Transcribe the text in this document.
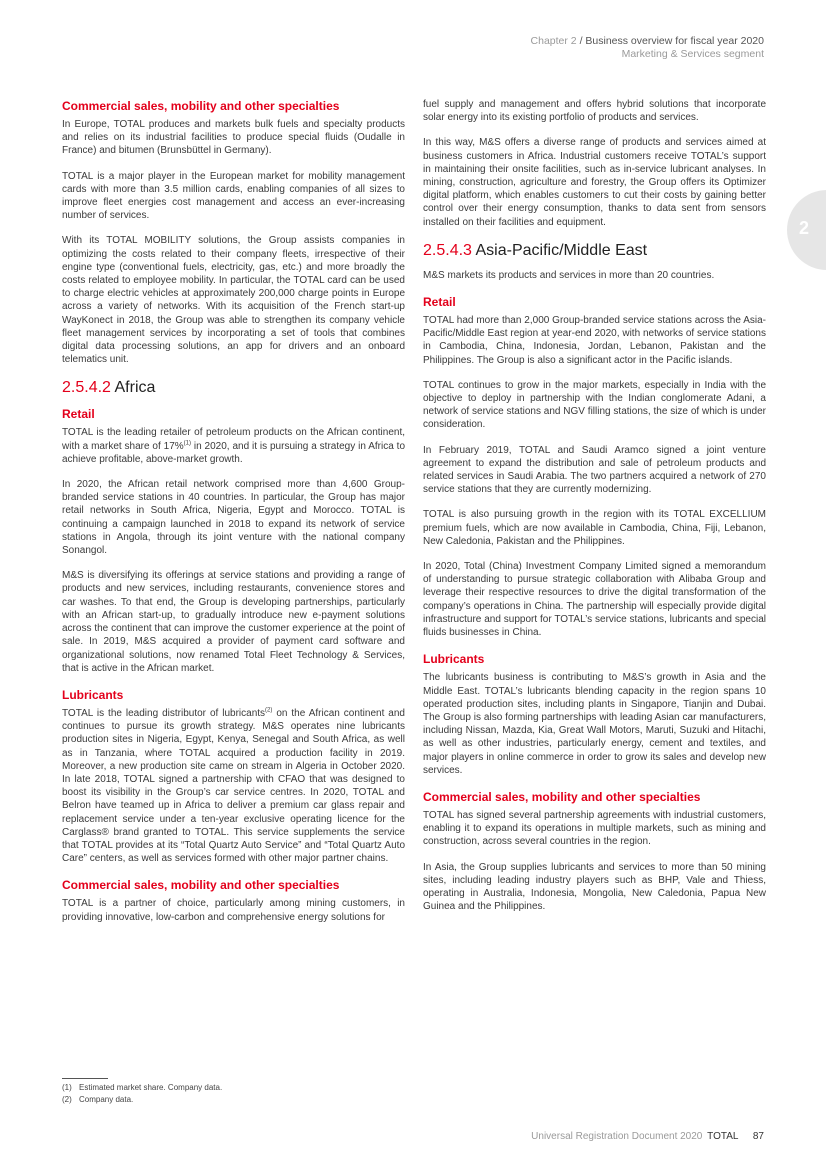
Chapter 2 / Business overview for fiscal year 2020
Marketing & Services segment
2
Commercial sales, mobility and other specialties

In Europe, TOTAL produces and markets bulk fuels and specialty products and relies on its industrial facilities to produce special fluids (Oudalle in France) and bitumen (Brunsbüttel in Germany).

TOTAL is a major player in the European market for mobility management cards with more than 3.5 million cards, enabling companies of all sizes to improve fleet energies cost management and access an ever-increasing number of services.

With its TOTAL MOBILITY solutions, the Group assists companies in optimizing the costs related to their company fleets, irrespective of their engine type (conventional fuels, electricity, gas, etc.) and more broadly the costs related to employee mobility. In particular, the TOTAL card can be used to charge electric vehicles at approximately 200,000 charge points in Europe across a variety of networks. With its acquisition of the French start-up WayKonect in 2018, the Group was able to strengthen its company vehicle fleet management services by incorporating a set of tools that combines digital data processing solutions, an app for drivers and an onboard telematics unit.

2.5.4.2 Africa
Retail

TOTAL is the leading retailer of petroleum products on the African continent, with a market share of 17%$^{(1)}$ in 2020, and it is pursuing a strategy in Africa to achieve profitable, above-market growth.

In 2020, the African retail network comprised more than 4,600 Group-branded service stations in 40 countries. In particular, the Group has major retail networks in South Africa, Nigeria, Egypt and Morocco. TOTAL is continuing a campaign launched in 2018 to expand its network of service stations in Angola, through its joint venture with the national company Sonangol.

M&S is diversifying its offerings at service stations and providing a range of products and new services, including restaurants, convenience stores and car washes. To that end, the Group is developing partnerships, particularly with an African start-up, to gradually introduce new e-payment solutions across the continent that can improve the customer experience at the point of sale. In 2019, M&S acquired a provider of payment card software and organizational solutions, now renamed Total Fleet Technology & Services, that is active in the African market.

Lubricants

TOTAL is the leading distributor of lubricants$^{(2)}$ on the African continent and continues to pursue its growth strategy. M&S operates nine lubricants production sites in Nigeria, Egypt, Kenya, Senegal and South Africa, as well as in Tanzania, where TOTAL acquired a production facility in 2019. Moreover, a new production site came on stream in Algeria in October 2020. In late 2018, TOTAL signed a partnership with CFAO that was designed to boost its visibility in the Group’s car service centres. In 2020, TOTAL and Belron have teamed up in Africa to deliver a premium car glass repair and replacement service under a ten-year exclusive operating licence for the Carglass® brand granted to TOTAL. This service supplements the service that TOTAL provides at its “Total Quartz Auto Service” and “Total Quartz Auto Care” centers, as well as services formed with other major partner chains.

Commercial sales, mobility and other specialties

TOTAL is a partner of choice, particularly among mining customers, in providing innovative, low-carbon and comprehensive energy solutions for

fuel supply and management and offers hybrid solutions that incorporate solar energy into its existing portfolio of products and services.

In this way, M&S offers a diverse range of products and services aimed at business customers in Africa. Industrial customers receive TOTAL’s support in maintaining their onsite facilities, such as in-service lubricant analyses. In mining, construction, agriculture and forestry, the Group offers its Optimizer digital platform, which enables customers to cut their costs by gaining better control over their energy consumption, thanks to data sent from sensors installed on their facilities and equipment.

2.5.4.3 Asia-Pacific/Middle East

M&S markets its products and services in more than 20 countries.

Retail

TOTAL had more than 2,000 Group-branded service stations across the Asia-Pacific/Middle East region at year-end 2020, with networks of service stations in Cambodia, China, Indonesia, Jordan, Lebanon, Pakistan and the Philippines. The Group is also a significant actor in the Pacific islands.

TOTAL continues to grow in the major markets, especially in India with the objective to deploy in partnership with the Indian conglomerate Adani, a network of service stations and NGV filling stations, the size of which is under consideration.

In February 2019, TOTAL and Saudi Aramco signed a joint venture agreement to expand the distribution and sale of petroleum products and related services in Saudi Arabia. The two partners acquired a network of 270 service stations that they are currently modernizing.

TOTAL is also pursuing growth in the region with its TOTAL EXCELLIUM premium fuels, which are now available in Cambodia, China, Fiji, Lebanon, New Caledonia, Pakistan and the Philippines.

In 2020, Total (China) Investment Company Limited signed a memorandum of understanding to pursue strategic collaboration with Alibaba Group and leverage their respective resources to drive the digital transformation of the company’s operations in China. The partnership will especially provide digital infrastructure and support for TOTAL’s service stations, lubricants and special fluids businesses in China.

Lubricants

The lubricants business is contributing to M&S’s growth in Asia and the Middle East. TOTAL’s lubricants blending capacity in the region spans 10 operated production sites, including plants in Singapore, Tianjin and Dubai. The Group is also forming partnerships with leading Asian car manufacturers, including Nissan, Mazda, Kia, Great Wall Motors, Maruti, Suzuki and Hitachi, as well as other industries, particularly energy, cement and textiles, and major players in online commerce in order to grow its sales and develop new services.

Commercial sales, mobility and other specialties

TOTAL has signed several partnership agreements with industrial customers, enabling it to expand its operations in multiple markets, such as mining and construction, across several countries in the region.

In Asia, the Group supplies lubricants and services to more than 50 mining sites, including leading industry players such as BHP, Vale and Thiess, operating in Australia, Indonesia, Mongolia, New Caledonia, Papua New Guinea and the Philippines.

(1) Estimated market share. Company data.
(2) Company data.
Universal Registration Document 2020 TOTAL 87
